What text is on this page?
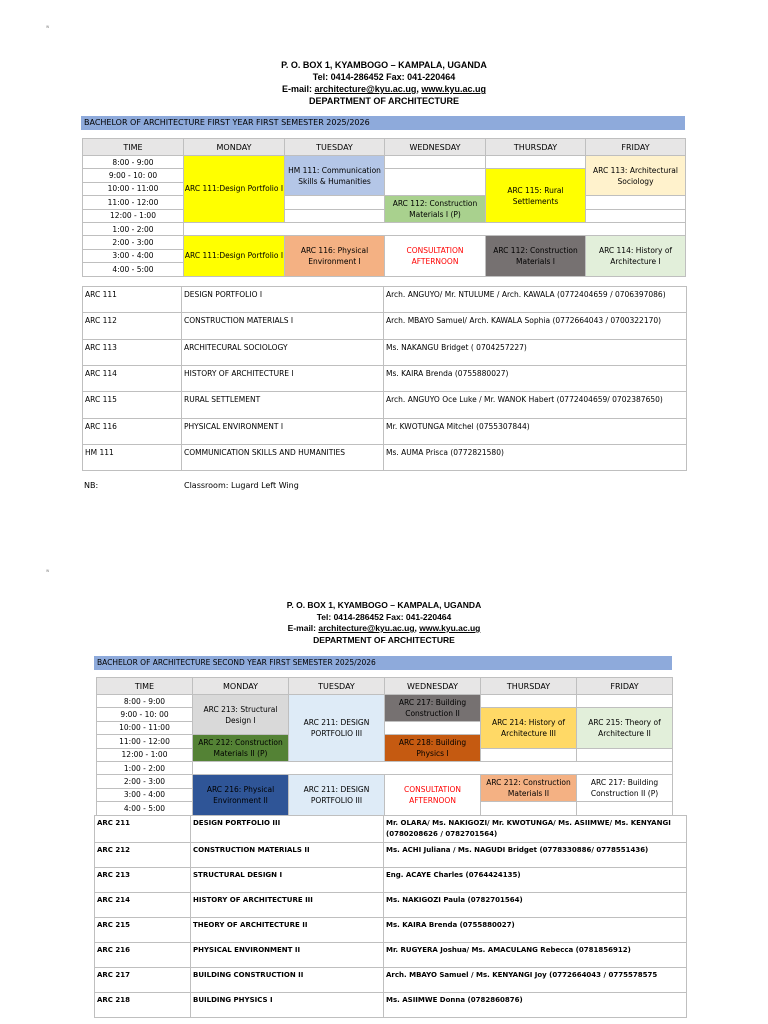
w
P. O. BOX 1, KYAMBOGO – KAMPALA, UGANDA
Tel: 0414-286452 Fax: 041-220464
E-mail: architecture@kyu.ac.ug, www.kyu.ac.ug
DEPARTMENT OF ARCHITECTURE
BACHELOR OF ARCHITECTURE FIRST YEAR FIRST SEMESTER 2025/2026
TIME	MONDAY	TUESDAY	WEDNESDAY	THURSDAY	FRIDAY
8:00 - 9:00	ARC 111:Design Portfolio I	HM 111: Communication Skills & Humanities			ARC 113: Architectural Sociology
9:00 - 10: 00				ARC 115: Rural Settlements	
10:00 - 11:00					
11:00 - 12:00			ARC 112: Construction Materials I (P)		
12:00 - 1:00					
1:00 - 2:00					
2:00 - 3:00	ARC 111:Design Portfolio I	ARC 116: Physical Environment I	CONSULTATION AFTERNOON	ARC 112: Construction Materials I	ARC 114: History of Architecture I
3:00 - 4:00					
4:00 - 5:00					
ARC 111	DESIGN PORTFOLIO I	Arch. ANGUYO/ Mr. NTULUME / Arch. KAWALA (0772404659 / 0706397086)
ARC 112	CONSTRUCTION MATERIALS I	Arch. MBAYO Samuel/ Arch. KAWALA Sophia (0772664043 / 0700322170)
ARC 113	ARCHITECURAL SOCIOLOGY	Ms. NAKANGU Bridget ( 0704257227)
ARC 114	HISTORY OF ARCHITECTURE I	Ms. KAIRA Brenda (0755880027)
ARC 115	RURAL SETTLEMENT	Arch. ANGUYO Oce Luke / Mr. WANOK Habert (0772404659/ 0702387650)
ARC 116	PHYSICAL ENVIRONMENT I	Mr. KWOTUNGA Mitchel (0755307844)
HM 111	COMMUNICATION SKILLS AND HUMANITIES	Ms. AUMA Prisca (0772821580)
NB:	Classroom: Lugard Left Wing
w
P. O. BOX 1, KYAMBOGO – KAMPALA, UGANDA
Tel: 0414-286452 Fax: 041-220464
E-mail: architecture@kyu.ac.ug, www.kyu.ac.ug
DEPARTMENT OF ARCHITECTURE
BACHELOR OF ARCHITECTURE SECOND YEAR FIRST SEMESTER 2025/2026
TIME	MONDAY	TUESDAY	WEDNESDAY	THURSDAY	FRIDAY
8:00 - 9:00	ARC 213: Structural Design I	ARC 211: DESIGN PORTFOLIO III	ARC 217: Building Construction II		
9:00 - 10: 00				ARC 214: History of Architecture III	ARC 215: Theory of Architecture II
10:00 - 11:00					
11:00 - 12:00	ARC 212: Construction Materials II (P)		ARC 218: Building Physics I		
12:00 - 1:00					
1:00 - 2:00					
2:00 - 3:00	ARC 216: Physical Environment II	ARC 211: DESIGN PORTFOLIO III	CONSULTATION AFTERNOON	ARC 212: Construction Materials II	ARC 217: Building Construction II (P)
3:00 - 4:00					
4:00 - 5:00					
ARC 211	DESIGN PORTFOLIO III	Mr. OLARA/ Ms. NAKIGOZI/ Mr. KWOTUNGA/ Ms. ASIIMWE/ Ms. KENYANGI (0780208626 / 0782701564)
ARC 212	CONSTRUCTION MATERIALS II	Ms. ACHI Juliana / Ms. NAGUDI Bridget (0778330886/ 0778551436)
ARC 213	STRUCTURAL DESIGN I	Eng. ACAYE Charles (0764424135)
ARC 214	HISTORY OF ARCHITECTURE III	Ms. NAKIGOZI Paula (0782701564)
ARC 215	THEORY OF ARCHITECTURE II	Ms. KAIRA Brenda (0755880027)
ARC 216	PHYSICAL ENVIRONMENT II	Mr. RUGYERA Joshua/ Ms. AMACULANG Rebecca (0781856912)
ARC 217	BUILDING CONSTRUCTION II	Arch. MBAYO Samuel / Ms. KENYANGI Joy (0772664043 / 0775578575
ARC 218	BUILDING PHYSICS I	Ms. ASIIMWE Donna (0782860876)
